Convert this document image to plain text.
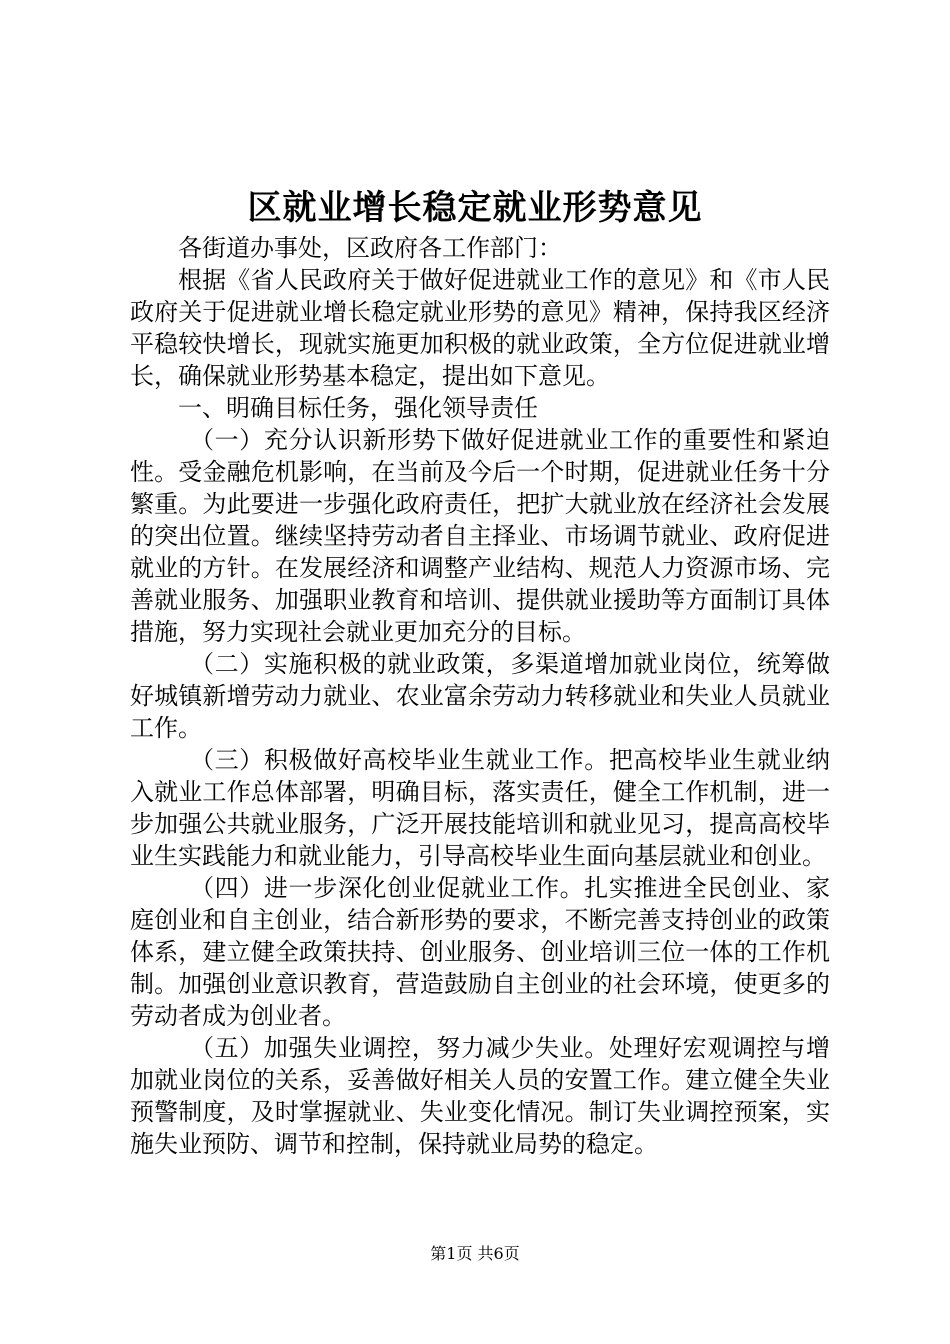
区就业增长稳定就业形势意见

各街道办事处，区政府各工作部门：

根据《省人民政府关于做好促进就业工作的意见》和《市人民政府关于促进就业增长稳定就业形势的意见》精神，保持我区经济平稳较快增长，现就实施更加积极的就业政策，全方位促进就业增长，确保就业形势基本稳定，提出如下意见。

一、明确目标任务，强化领导责任

（一）充分认识新形势下做好促进就业工作的重要性和紧迫性。受金融危机影响，在当前及今后一个时期，促进就业任务十分繁重。为此要进一步强化政府责任，把扩大就业放在经济社会发展的突出位置。继续坚持劳动者自主择业、市场调节就业、政府促进就业的方针。在发展经济和调整产业结构、规范人力资源市场、完善就业服务、加强职业教育和培训、提供就业援助等方面制订具体措施，努力实现社会就业更加充分的目标。

（二）实施积极的就业政策，多渠道增加就业岗位，统筹做好城镇新增劳动力就业、农业富余劳动力转移就业和失业人员就业工作。

（三）积极做好高校毕业生就业工作。把高校毕业生就业纳入就业工作总体部署，明确目标，落实责任，健全工作机制，进一步加强公共就业服务，广泛开展技能培训和就业见习，提高高校毕业生实践能力和就业能力，引导高校毕业生面向基层就业和创业。

（四）进一步深化创业促就业工作。扎实推进全民创业、家庭创业和自主创业，结合新形势的要求，不断完善支持创业的政策体系，建立健全政策扶持、创业服务、创业培训三位一体的工作机制。加强创业意识教育，营造鼓励自主创业的社会环境，使更多的劳动者成为创业者。

（五）加强失业调控，努力减少失业。处理好宏观调控与增加就业岗位的关系，妥善做好相关人员的安置工作。建立健全失业预警制度，及时掌握就业、失业变化情况。制订失业调控预案，实施失业预防、调节和控制，保持就业局势的稳定。

第1页 共6页
